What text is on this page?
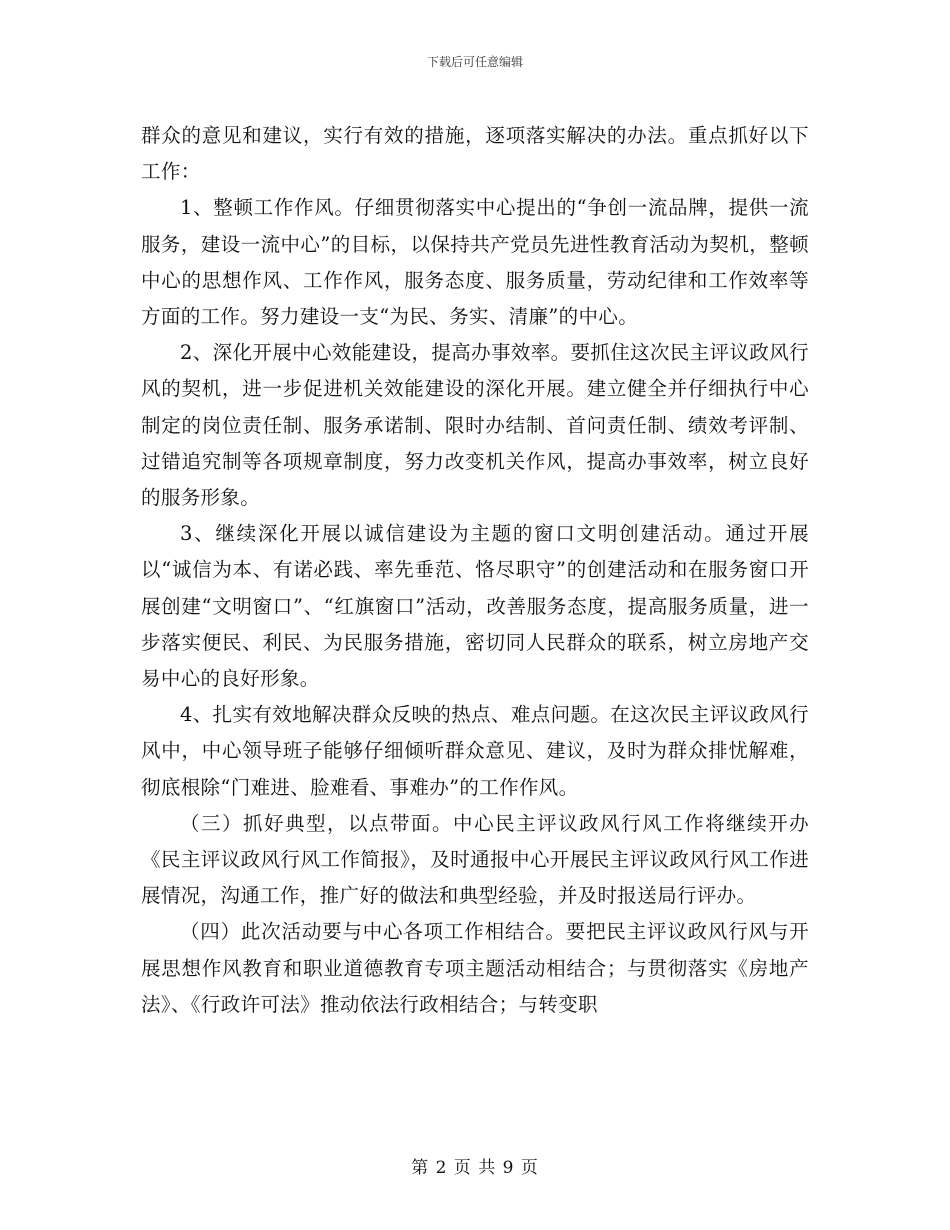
下载后可任意编辑

群众的意见和建议，实行有效的措施，逐项落实解决的办法。重点抓好以下工作：

1、整顿工作作风。仔细贯彻落实中心提出的“争创一流品牌，提供一流服务，建设一流中心”的目标，以保持共产党员先进性教育活动为契机，整顿中心的思想作风、工作作风，服务态度、服务质量，劳动纪律和工作效率等方面的工作。努力建设一支“为民、务实、清廉”的中心。

2、深化开展中心效能建设，提高办事效率。要抓住这次民主评议政风行风的契机，进一步促进机关效能建设的深化开展。建立健全并仔细执行中心制定的岗位责任制、服务承诺制、限时办结制、首问责任制、绩效考评制、过错追究制等各项规章制度，努力改变机关作风，提高办事效率，树立良好的服务形象。

3、继续深化开展以诚信建设为主题的窗口文明创建活动。通过开展以“诚信为本、有诺必践、率先垂范、恪尽职守”的创建活动和在服务窗口开展创建“文明窗口”、“红旗窗口”活动，改善服务态度，提高服务质量，进一步落实便民、利民、为民服务措施，密切同人民群众的联系，树立房地产交易中心的良好形象。

4、扎实有效地解决群众反映的热点、难点问题。在这次民主评议政风行风中，中心领导班子能够仔细倾听群众意见、建议，及时为群众排忧解难，彻底根除“门难进、脸难看、事难办”的工作作风。

（三）抓好典型，以点带面。中心民主评议政风行风工作将继续开办《民主评议政风行风工作简报》，及时通报中心开展民主评议政风行风工作进展情况，沟通工作，推广好的做法和典型经验，并及时报送局行评办。

（四）此次活动要与中心各项工作相结合。要把民主评议政风行风与开展思想作风教育和职业道德教育专项主题活动相结合；与贯彻落实《房地产法》、《行政许可法》推动依法行政相结合；与转变职

第 2 页 共 9 页
